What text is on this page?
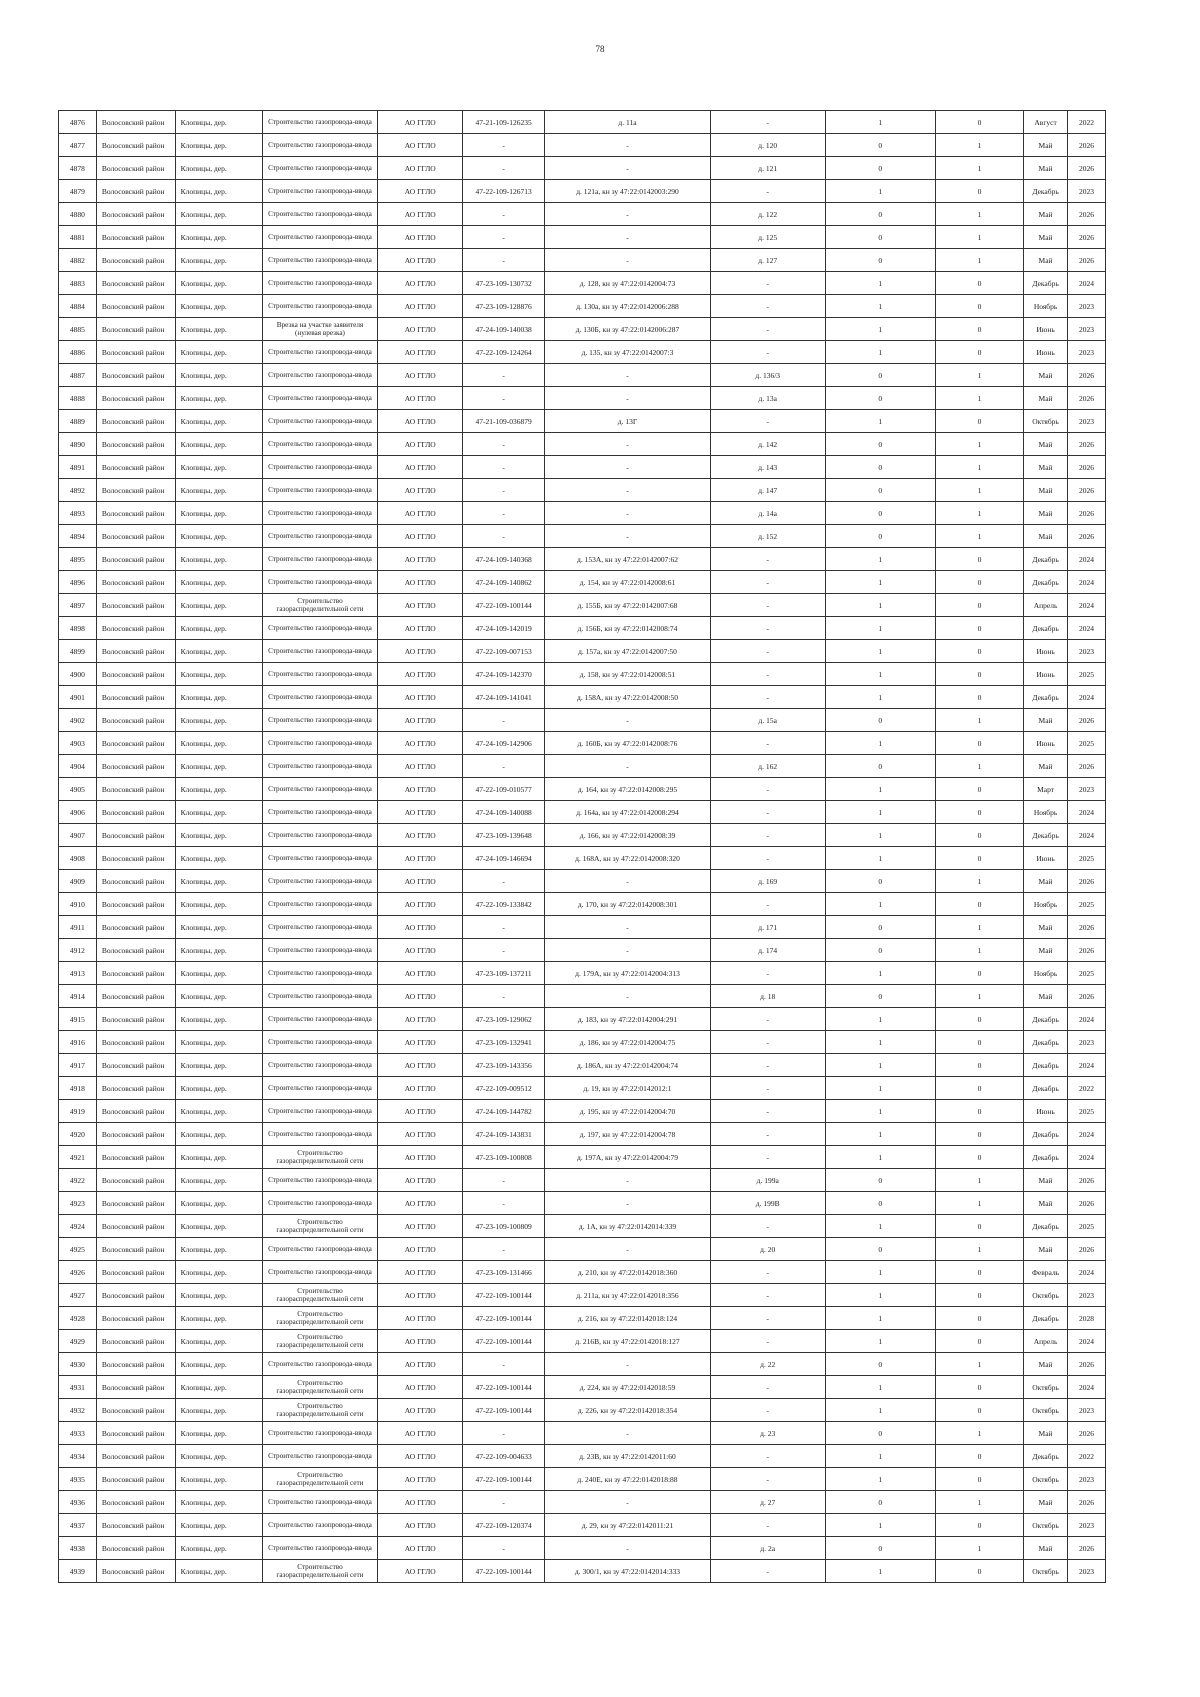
78
4876	Волосовский район	Клопицы, дер.	Строительство газопровода-ввода	АО ГГЛО	47-21-109-126235	д. 11а	-	1	0	Август	2022
4877	Волосовский район	Клопицы, дер.	Строительство газопровода-ввода	АО ГГЛО	-	-	д. 120	0	1	Май	2026
4878	Волосовский район	Клопицы, дер.	Строительство газопровода-ввода	АО ГГЛО	-	-	д. 121	0	1	Май	2026
4879	Волосовский район	Клопицы, дер.	Строительство газопровода-ввода	АО ГГЛО	47-22-109-126713	д. 121а, кн зу 47:22:0142003:290	-	1	0	Декабрь	2023
4880	Волосовский район	Клопицы, дер.	Строительство газопровода-ввода	АО ГГЛО	-	-	д. 122	0	1	Май	2026
4881	Волосовский район	Клопицы, дер.	Строительство газопровода-ввода	АО ГГЛО	-	-	д. 125	0	1	Май	2026
4882	Волосовский район	Клопицы, дер.	Строительство газопровода-ввода	АО ГГЛО	-	-	д. 127	0	1	Май	2026
4883	Волосовский район	Клопицы, дер.	Строительство газопровода-ввода	АО ГГЛО	47-23-109-130732	д. 128, кн зу 47:22:0142004:73	-	1	0	Декабрь	2024
4884	Волосовский район	Клопицы, дер.	Строительство газопровода-ввода	АО ГГЛО	47-23-109-128876	д. 130а, кн зу 47:22:0142006:288	-	1	0	Ноябрь	2023
4885	Волосовский район	Клопицы, дер.	Врезка на участке заявителя (нулевая врезка)	АО ГГЛО	47-24-109-140038	д. 130Б, кн зу 47:22:0142006:287	-	1	0	Июнь	2023
4886	Волосовский район	Клопицы, дер.	Строительство газопровода-ввода	АО ГГЛО	47-22-109-124264	д. 135, кн зу 47:22:0142007:3	-	1	0	Июнь	2023
4887	Волосовский район	Клопицы, дер.	Строительство газопровода-ввода	АО ГГЛО	-	-	д. 136/3	0	1	Май	2026
4888	Волосовский район	Клопицы, дер.	Строительство газопровода-ввода	АО ГГЛО	-	-	д. 13а	0	1	Май	2026
4889	Волосовский район	Клопицы, дер.	Строительство газопровода-ввода	АО ГГЛО	47-21-109-036879	д. 13Г	-	1	0	Октябрь	2023
4890	Волосовский район	Клопицы, дер.	Строительство газопровода-ввода	АО ГГЛО	-	-	д. 142	0	1	Май	2026
4891	Волосовский район	Клопицы, дер.	Строительство газопровода-ввода	АО ГГЛО	-	-	д. 143	0	1	Май	2026
4892	Волосовский район	Клопицы, дер.	Строительство газопровода-ввода	АО ГГЛО	-	-	д. 147	0	1	Май	2026
4893	Волосовский район	Клопицы, дер.	Строительство газопровода-ввода	АО ГГЛО	-	-	д. 14а	0	1	Май	2026
4894	Волосовский район	Клопицы, дер.	Строительство газопровода-ввода	АО ГГЛО	-	-	д. 152	0	1	Май	2026
4895	Волосовский район	Клопицы, дер.	Строительство газопровода-ввода	АО ГГЛО	47-24-109-140368	д. 153А, кн зу 47:22:0142007:62	-	1	0	Декабрь	2024
4896	Волосовский район	Клопицы, дер.	Строительство газопровода-ввода	АО ГГЛО	47-24-109-140862	д. 154, кн зу 47:22:0142008:61	-	1	0	Декабрь	2024
4897	Волосовский район	Клопицы, дер.	Строительство газораспределительной сети	АО ГГЛО	47-22-109-100144	д. 155Б, кн зу 47:22:0142007:68	-	1	0	Апрель	2024
4898	Волосовский район	Клопицы, дер.	Строительство газопровода-ввода	АО ГГЛО	47-24-109-142019	д. 156Б, кн зу 47:22:0142008:74	-	1	0	Декабрь	2024
4899	Волосовский район	Клопицы, дер.	Строительство газопровода-ввода	АО ГГЛО	47-22-109-007153	д. 157а, кн зу 47:22:0142007:50	-	1	0	Июнь	2023
4900	Волосовский район	Клопицы, дер.	Строительство газопровода-ввода	АО ГГЛО	47-24-109-142370	д. 158, кн зу 47:22:0142008:51	-	1	0	Июнь	2025
4901	Волосовский район	Клопицы, дер.	Строительство газопровода-ввода	АО ГГЛО	47-24-109-141041	д. 158А, кн зу 47:22:0142008:50	-	1	0	Декабрь	2024
4902	Волосовский район	Клопицы, дер.	Строительство газопровода-ввода	АО ГГЛО	-	-	д. 15а	0	1	Май	2026
4903	Волосовский район	Клопицы, дер.	Строительство газопровода-ввода	АО ГГЛО	47-24-109-142906	д. 160Б, кн зу 47:22:0142008:76	-	1	0	Июнь	2025
4904	Волосовский район	Клопицы, дер.	Строительство газопровода-ввода	АО ГГЛО	-	-	д. 162	0	1	Май	2026
4905	Волосовский район	Клопицы, дер.	Строительство газопровода-ввода	АО ГГЛО	47-22-109-010577	д. 164, кн зу 47:22:0142008:295	-	1	0	Март	2023
4906	Волосовский район	Клопицы, дер.	Строительство газопровода-ввода	АО ГГЛО	47-24-109-140088	д. 164а, кн зу 47:22:0142008:294	-	1	0	Ноябрь	2024
4907	Волосовский район	Клопицы, дер.	Строительство газопровода-ввода	АО ГГЛО	47-23-109-139648	д. 166, кн зу 47:22:0142008:39	-	1	0	Декабрь	2024
4908	Волосовский район	Клопицы, дер.	Строительство газопровода-ввода	АО ГГЛО	47-24-109-146694	д. 168А, кн зу 47:22:0142008:320	-	1	0	Июнь	2025
4909	Волосовский район	Клопицы, дер.	Строительство газопровода-ввода	АО ГГЛО	-	-	д. 169	0	1	Май	2026
4910	Волосовский район	Клопицы, дер.	Строительство газопровода-ввода	АО ГГЛО	47-22-109-133842	д. 170, кн зу 47:22:0142008:301	-	1	0	Ноябрь	2025
4911	Волосовский район	Клопицы, дер.	Строительство газопровода-ввода	АО ГГЛО	-	-	д. 171	0	1	Май	2026
4912	Волосовский район	Клопицы, дер.	Строительство газопровода-ввода	АО ГГЛО	-	-	д. 174	0	1	Май	2026
4913	Волосовский район	Клопицы, дер.	Строительство газопровода-ввода	АО ГГЛО	47-23-109-137211	д. 179А, кн зу 47:22:0142004:313	-	1	0	Ноябрь	2025
4914	Волосовский район	Клопицы, дер.	Строительство газопровода-ввода	АО ГГЛО	-	-	д. 18	0	1	Май	2026
4915	Волосовский район	Клопицы, дер.	Строительство газопровода-ввода	АО ГГЛО	47-23-109-129062	д. 183, кн зу 47:22:0142004:291	-	1	0	Декабрь	2024
4916	Волосовский район	Клопицы, дер.	Строительство газопровода-ввода	АО ГГЛО	47-23-109-132941	д. 186, кн зу 47:22:0142004:75	-	1	0	Декабрь	2023
4917	Волосовский район	Клопицы, дер.	Строительство газопровода-ввода	АО ГГЛО	47-23-109-143356	д. 186А, кн зу 47:22:0142004:74	-	1	0	Декабрь	2024
4918	Волосовский район	Клопицы, дер.	Строительство газопровода-ввода	АО ГГЛО	47-22-109-009512	д. 19, кн зу 47:22:0142012:1	-	1	0	Декабрь	2022
4919	Волосовский район	Клопицы, дер.	Строительство газопровода-ввода	АО ГГЛО	47-24-109-144782	д. 195, кн зу 47:22:0142004:70	-	1	0	Июнь	2025
4920	Волосовский район	Клопицы, дер.	Строительство газопровода-ввода	АО ГГЛО	47-24-109-143831	д. 197, кн зу 47:22:0142004:78	-	1	0	Декабрь	2024
4921	Волосовский район	Клопицы, дер.	Строительство газораспределительной сети	АО ГГЛО	47-23-109-100808	д. 197А, кн зу 47:22:0142004:79	-	1	0	Декабрь	2024
4922	Волосовский район	Клопицы, дер.	Строительство газопровода-ввода	АО ГГЛО	-	-	д. 199а	0	1	Май	2026
4923	Волосовский район	Клопицы, дер.	Строительство газопровода-ввода	АО ГГЛО	-	-	д. 199В	0	1	Май	2026
4924	Волосовский район	Клопицы, дер.	Строительство газораспределительной сети	АО ГГЛО	47-23-109-100809	д. 1А, кн зу 47:22:0142014:339	-	1	0	Декабрь	2025
4925	Волосовский район	Клопицы, дер.	Строительство газопровода-ввода	АО ГГЛО	-	-	д. 20	0	1	Май	2026
4926	Волосовский район	Клопицы, дер.	Строительство газопровода-ввода	АО ГГЛО	47-23-109-131466	д. 210, кн зу 47:22:0142018:360	-	1	0	Февраль	2024
4927	Волосовский район	Клопицы, дер.	Строительство газораспределительной сети	АО ГГЛО	47-22-109-100144	д. 211а, кн зу 47:22:0142018:356	-	1	0	Октябрь	2023
4928	Волосовский район	Клопицы, дер.	Строительство газораспределительной сети	АО ГГЛО	47-22-109-100144	д. 216, кн зу 47:22:0142018:124	-	1	0	Декабрь	2028
4929	Волосовский район	Клопицы, дер.	Строительство газораспределительной сети	АО ГГЛО	47-22-109-100144	д. 216В, кн зу 47:22:0142018:127	-	1	0	Апрель	2024
4930	Волосовский район	Клопицы, дер.	Строительство газопровода-ввода	АО ГГЛО	-	-	д. 22	0	1	Май	2026
4931	Волосовский район	Клопицы, дер.	Строительство газораспределительной сети	АО ГГЛО	47-22-109-100144	д. 224, кн зу 47:22:0142018:59	-	1	0	Октябрь	2024
4932	Волосовский район	Клопицы, дер.	Строительство газораспределительной сети	АО ГГЛО	47-22-109-100144	д. 226, кн зу 47:22:0142018:354	-	1	0	Октябрь	2023
4933	Волосовский район	Клопицы, дер.	Строительство газопровода-ввода	АО ГГЛО	-	-	д. 23	0	1	Май	2026
4934	Волосовский район	Клопицы, дер.	Строительство газопровода-ввода	АО ГГЛО	47-22-109-004633	д. 23В, кн зу 47:22:0142011:60	-	1	0	Декабрь	2022
4935	Волосовский район	Клопицы, дер.	Строительство газораспределительной сети	АО ГГЛО	47-22-109-100144	д. 240Е, кн зу 47:22:0142018:88	-	1	0	Октябрь	2023
4936	Волосовский район	Клопицы, дер.	Строительство газопровода-ввода	АО ГГЛО	-	-	д. 27	0	1	Май	2026
4937	Волосовский район	Клопицы, дер.	Строительство газопровода-ввода	АО ГГЛО	47-22-109-120374	д. 29, кн зу 47:22:0142011:21	-	1	0	Октябрь	2023
4938	Волосовский район	Клопицы, дер.	Строительство газопровода-ввода	АО ГГЛО	-	-	д. 2а	0	1	Май	2026
4939	Волосовский район	Клопицы, дер.	Строительство газораспределительной сети	АО ГГЛО	47-22-109-100144	д. 300/1, кн зу 47:22:0142014:333	-	1	0	Октябрь	2023
